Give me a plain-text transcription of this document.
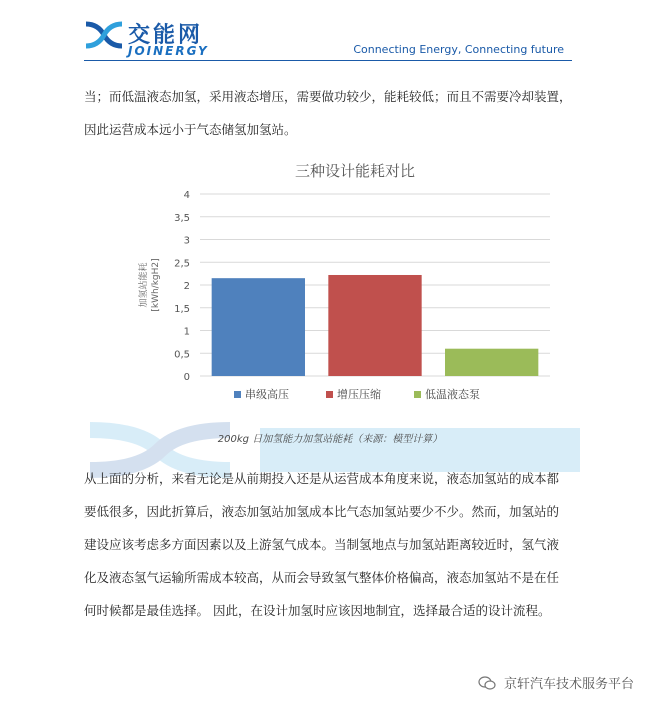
交能网
JOINERGY	Connecting Energy, Connecting future

当；而低温液态加氢，采用液态增压，需要做功较少，能耗较低；而且不需要冷却装置，

因此运营成本远小于气态储氢加氢站。

三种设计能耗对比
0
0,5
1
1,5
2
2,5
3
3,5
4
加氢站能耗 [kWh/kgH2]
串级高压	增压压缩	低温液态泵
200kg 日加氢能力加氢站能耗（来源：模型计算）

从上面的分析，来看无论是从前期投入还是从运营成本角度来说，液态加氢站的成本都

要低很多，因此折算后，液态加氢站加氢成本比气态加氢站要少不少。然而，加氢站的

建设应该考虑多方面因素以及上游氢气成本。当制氢地点与加氢站距离较近时，氢气液

化及液态氢气运输所需成本较高，从而会导致氢气整体价格偏高，液态加氢站不是在任

何时候都是最佳选择。 因此，在设计加氢时应该因地制宜，选择最合适的设计流程。

京轩汽车技术服务平台
